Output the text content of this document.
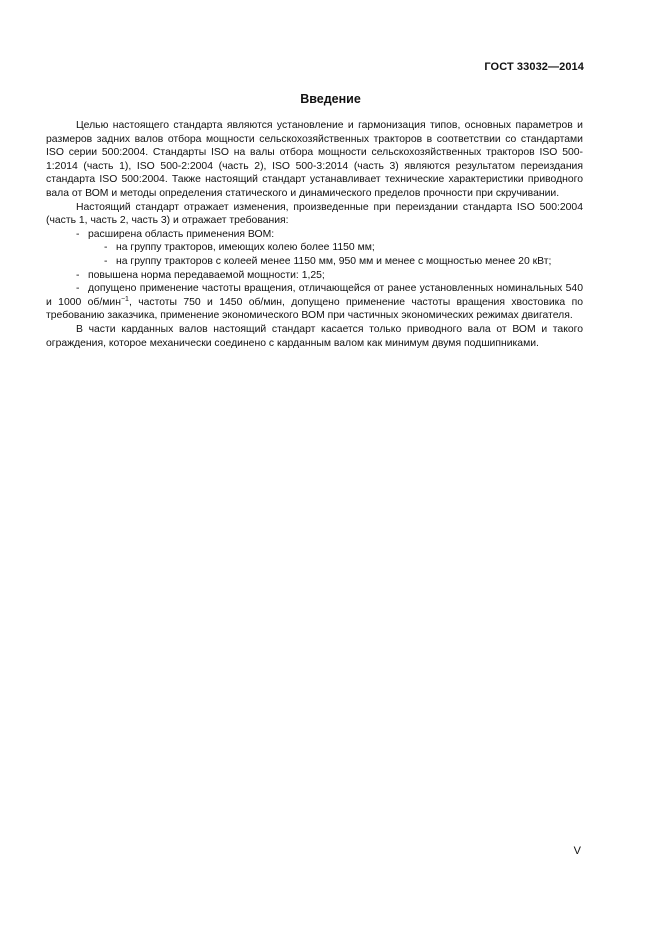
ГОСТ 33032—2014
Введение

Целью настоящего стандарта являются установление и гармонизация типов, основных параметров и размеров задних валов отбора мощности сельскохозяйственных тракторов в соответствии со стандартами ISO серии 500:2004. Стандарты ISO на валы отбора мощности сельскохозяйственных тракторов ISO 500-1:2014 (часть 1), ISO 500-2:2004 (часть 2), ISO 500-3:2014 (часть 3) являются результатом переиздания стандарта ISO 500:2004. Также настоящий стандарт устанавливает технические характеристики приводного вала от ВОМ и методы определения статического и динамического пределов прочности при скручивании.

Настоящий стандарт отражает изменения, произведенные при переиздании стандарта ISO 500:2004 (часть 1, часть 2, часть 3) и отражает требования:

- расширена область применения ВОМ:

- на группу тракторов, имеющих колею более 1150 мм;

- на группу тракторов с колеей менее 1150 мм, 950 мм и менее с мощностью менее 20 кВт;

- повышена норма передаваемой мощности: 1,25;

- допущено применение частоты вращения, отличающейся от ранее установленных номинальных 540 и 1000 об/мин$^{-1}$, частоты 750 и 1450 об/мин, допущено применение частоты вращения хвостовика по требованию заказчика, применение экономического ВОМ при частичных экономических режимах двигателя.

В части карданных валов настоящий стандарт касается только приводного вала от ВОМ и такого ограждения, которое механически соединено с карданным валом как минимум двумя подшипниками.

V
